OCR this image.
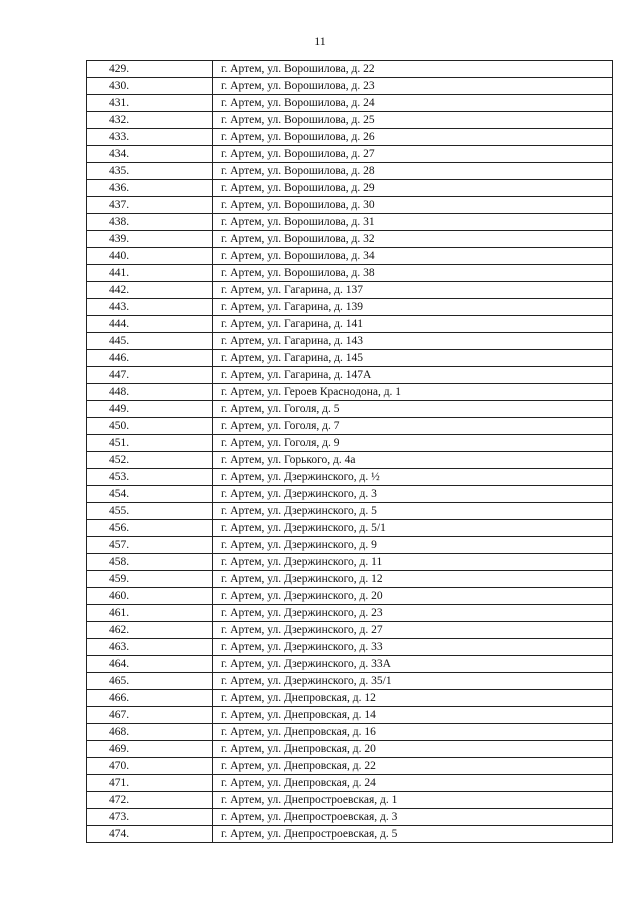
11
429.	г. Артем, ул. Ворошилова, д. 22
430.	г. Артем, ул. Ворошилова, д. 23
431.	г. Артем, ул. Ворошилова, д. 24
432.	г. Артем, ул. Ворошилова, д. 25
433.	г. Артем, ул. Ворошилова, д. 26
434.	г. Артем, ул. Ворошилова, д. 27
435.	г. Артем, ул. Ворошилова, д. 28
436.	г. Артем, ул. Ворошилова, д. 29
437.	г. Артем, ул. Ворошилова, д. 30
438.	г. Артем, ул. Ворошилова, д. 31
439.	г. Артем, ул. Ворошилова, д. 32
440.	г. Артем, ул. Ворошилова, д. 34
441.	г. Артем, ул. Ворошилова, д. 38
442.	г. Артем, ул. Гагарина, д. 137
443.	г. Артем, ул. Гагарина, д. 139
444.	г. Артем, ул. Гагарина, д. 141
445.	г. Артем, ул. Гагарина, д. 143
446.	г. Артем, ул. Гагарина, д. 145
447.	г. Артем, ул. Гагарина, д. 147А
448.	г. Артем, ул. Героев Краснодона, д. 1
449.	г. Артем, ул. Гоголя, д. 5
450.	г. Артем, ул. Гоголя, д. 7
451.	г. Артем, ул. Гоголя, д. 9
452.	г. Артем, ул. Горького, д. 4а
453.	г. Артем, ул. Дзержинского, д. ½
454.	г. Артем, ул. Дзержинского, д. 3
455.	г. Артем, ул. Дзержинского, д. 5
456.	г. Артем, ул. Дзержинского, д. 5/1
457.	г. Артем, ул. Дзержинского, д. 9
458.	г. Артем, ул. Дзержинского, д. 11
459.	г. Артем, ул. Дзержинского, д. 12
460.	г. Артем, ул. Дзержинского, д. 20
461.	г. Артем, ул. Дзержинского, д. 23
462.	г. Артем, ул. Дзержинского, д. 27
463.	г. Артем, ул. Дзержинского, д. 33
464.	г. Артем, ул. Дзержинского, д. 33А
465.	г. Артем, ул. Дзержинского, д. 35/1
466.	г. Артем, ул. Днепровская, д. 12
467.	г. Артем, ул. Днепровская, д. 14
468.	г. Артем, ул. Днепровская, д. 16
469.	г. Артем, ул. Днепровская, д. 20
470.	г. Артем, ул. Днепровская, д. 22
471.	г. Артем, ул. Днепровская, д. 24
472.	г. Артем, ул. Днепростроевская, д. 1
473.	г. Артем, ул. Днепростроевская, д. 3
474.	г. Артем, ул. Днепростроевская, д. 5
